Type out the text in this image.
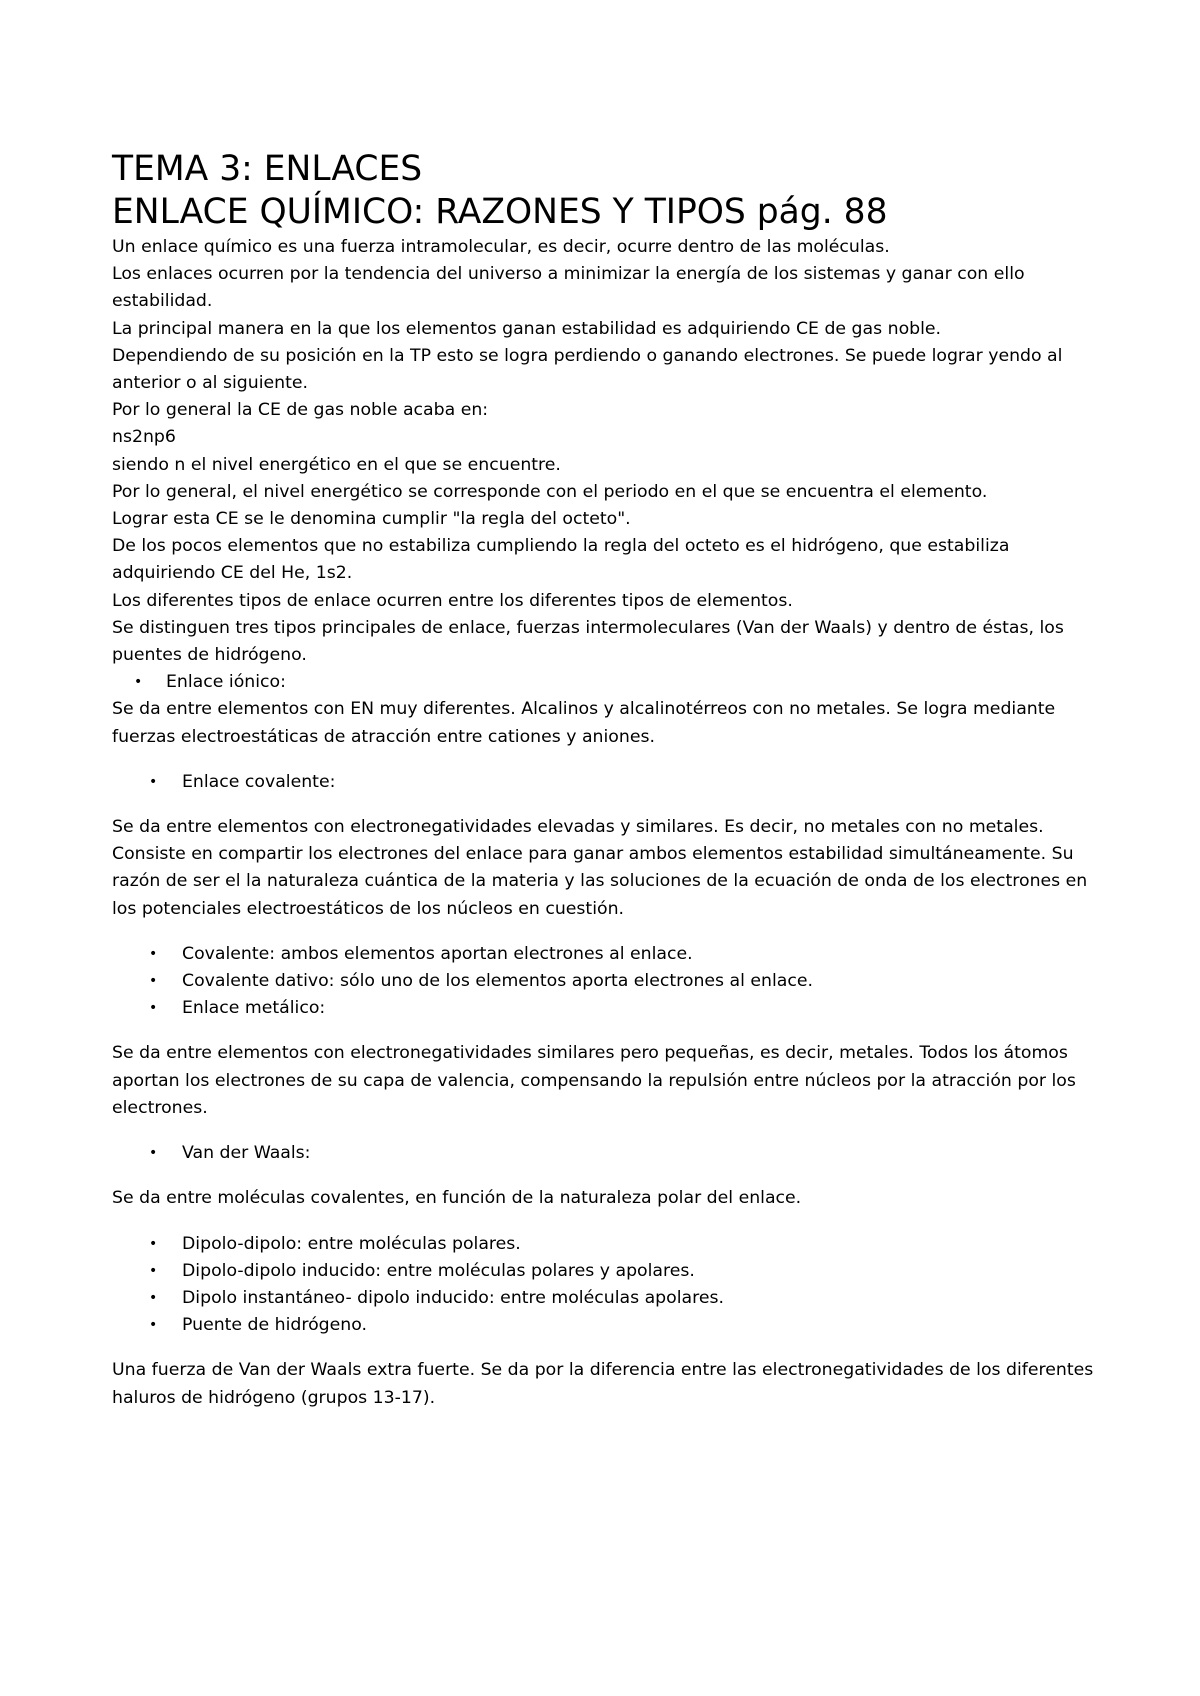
TEMA 3: ENLACES
ENLACE QUÍMICO: RAZONES Y TIPOS pág. 88

Un enlace químico es una fuerza intramolecular, es decir, ocurre dentro de las moléculas.

Los enlaces ocurren por la tendencia del universo a minimizar la energía de los sistemas y ganar con ello estabilidad.

La principal manera en la que los elementos ganan estabilidad es adquiriendo CE de gas noble.

Dependiendo de su posición en la TP esto se logra perdiendo o ganando electrones. Se puede lograr yendo al anterior o al siguiente.

Por lo general la CE de gas noble acaba en:

ns2np6

siendo n el nivel energético en el que se encuentre.

Por lo general, el nivel energético se corresponde con el periodo en el que se encuentra el elemento.

Lograr esta CE se le denomina cumplir "la regla del octeto".

De los pocos elementos que no estabiliza cumpliendo la regla del octeto es el hidrógeno, que estabiliza adquiriendo CE del He, 1s2.

Los diferentes tipos de enlace ocurren entre los diferentes tipos de elementos.

Se distinguen tres tipos principales de enlace, fuerzas intermoleculares (Van der Waals) y dentro de éstas, los puentes de hidrógeno.

• Enlace iónico:

Se da entre elementos con EN muy diferentes. Alcalinos y alcalinotérreos con no metales. Se logra mediante fuerzas electroestáticas de atracción entre cationes y aniones.

• Enlace covalente:

Se da entre elementos con electronegatividades elevadas y similares. Es decir, no metales con no metales. Consiste en compartir los electrones del enlace para ganar ambos elementos estabilidad simultáneamente. Su razón de ser el la naturaleza cuántica de la materia y las soluciones de la ecuación de onda de los electrones en los potenciales electroestáticos de los núcleos en cuestión.

• Covalente: ambos elementos aportan electrones al enlace.
• Covalente dativo: sólo uno de los elementos aporta electrones al enlace.
• Enlace metálico:

Se da entre elementos con electronegatividades similares pero pequeñas, es decir, metales. Todos los átomos aportan los electrones de su capa de valencia, compensando la repulsión entre núcleos por la atracción por los electrones.

• Van der Waals:

Se da entre moléculas covalentes, en función de la naturaleza polar del enlace.

• Dipolo-dipolo: entre moléculas polares.
• Dipolo-dipolo inducido: entre moléculas polares y apolares.
• Dipolo instantáneo- dipolo inducido: entre moléculas apolares.
• Puente de hidrógeno.

Una fuerza de Van der Waals extra fuerte. Se da por la diferencia entre las electronegatividades de los diferentes haluros de hidrógeno (grupos 13-17).
